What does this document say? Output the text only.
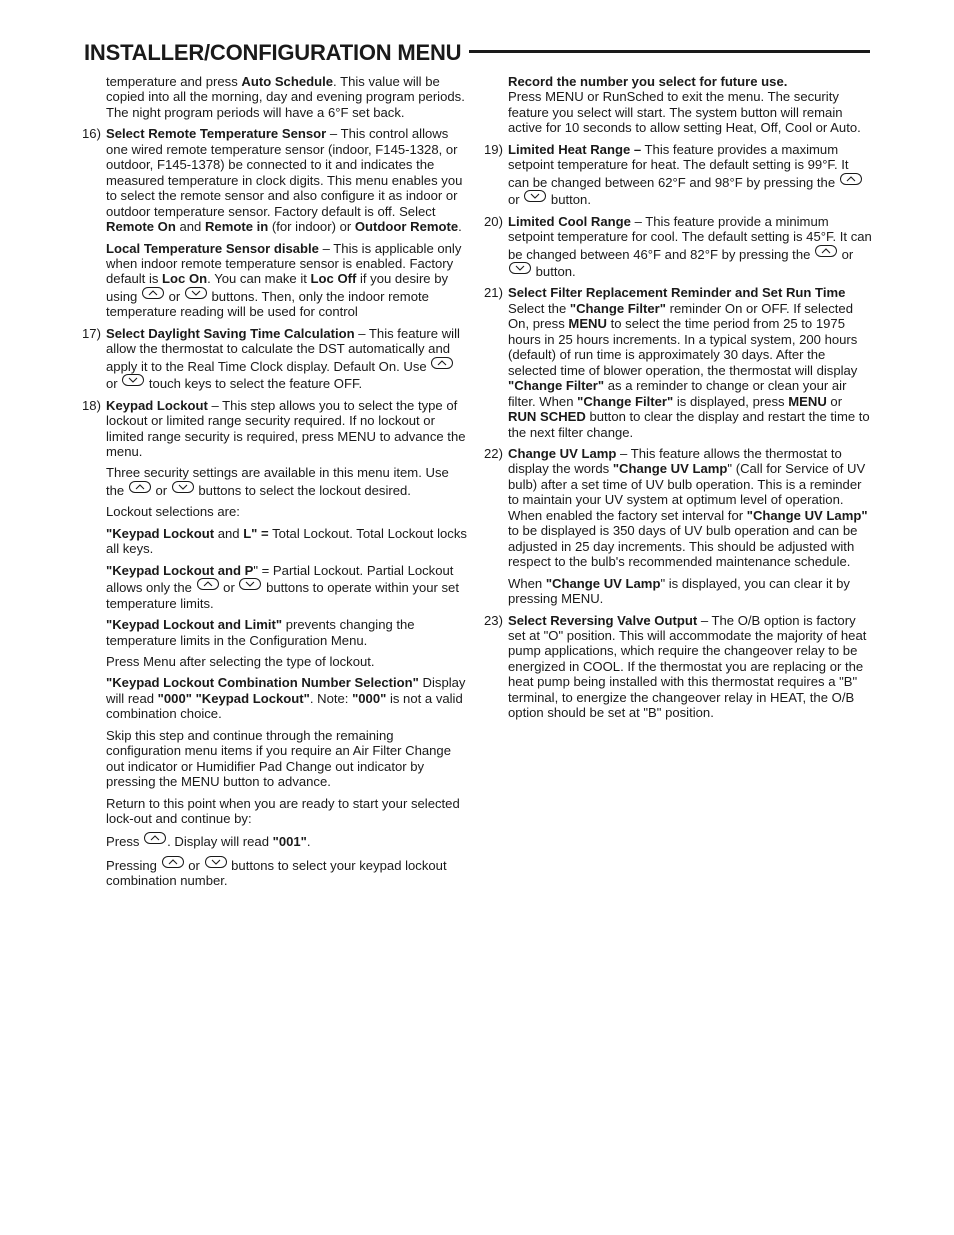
INSTALLER/CONFIGURATION MENU
temperature and press Auto Schedule. This value will be copied into all the morning, day and evening program periods. The night program periods will have a 6°F set back.
16) Select Remote Temperature Sensor – This control allows one wired remote temperature sensor (indoor, F145-1328, or outdoor, F145-1378) be connected to it and indicates the measured temperature in clock digits. This menu enables you to select the remote sensor and also configure it as indoor or outdoor temperature sensor. Factory default is off. Select Remote On and Remote in (for indoor) or Outdoor Remote.
Local Temperature Sensor disable – This is applicable only when indoor remote temperature sensor is enabled. Factory default is Loc On. You can make it Loc Off if you desire by using
or
buttons. Then, only the indoor remote temperature reading will be used for control
17) Select Daylight Saving Time Calculation – This feature will allow the thermostat to calculate the DST automatically and apply it to the Real Time Clock display. Default On. Use
or
touch keys to select the feature OFF.
18) Keypad Lockout – This step allows you to select the type of lockout or limited range security required. If no lockout or limited range security is required, press MENU to advance the menu.
Three security settings are available in this menu item. Use the
or
buttons to select the lockout desired.
Lockout selections are:
"Keypad Lockout and L" = Total Lockout. Total Lockout locks all keys.
"Keypad Lockout and P" = Partial Lockout. Partial Lockout allows only the
or
buttons to operate within your set temperature limits.
"Keypad Lockout and Limit" prevents changing the temperature limits in the Configuration Menu.
Press Menu after selecting the type of lockout.
"Keypad Lockout Combination Number Selection" Display will read "000" "Keypad Lockout". Note: "000" is not a valid combination choice.
Skip this step and continue through the remaining configuration menu items if you require an Air Filter Change out indicator or Humidifier Pad Change out indicator by pressing the MENU button to advance.
Return to this point when you are ready to start your selected lock-out and continue by:
Press
. Display will read "001".
Pressing
or
buttons to select your keypad lockout combination number.
Record the number you select for future use.
Press MENU or RunSched to exit the menu. The security feature you select will start. The system button will remain active for 10 seconds to allow setting Heat, Off, Cool or Auto.
19) Limited Heat Range – This feature provides a maximum setpoint temperature for heat. The default setting is 99°F. It can be changed between 62°F and 98°F by pressing the
or
button.
20) Limited Cool Range – This feature provide a minimum setpoint temperature for cool. The default setting is 45°F. It can be changed between 46°F and 82°F by pressing the
or
button.
21) Select Filter Replacement Reminder and Set Run Time Select the "Change Filter" reminder On or OFF. If selected On, press MENU to select the time period from 25 to 1975 hours in 25 hours increments. In a typical system, 200 hours (default) of run time is approximately 30 days. After the selected time of blower operation, the thermostat will display "Change Filter" as a reminder to change or clean your air filter. When "Change Filter" is displayed, press MENU or RUN SCHED button to clear the display and restart the time to the next filter change.
22) Change UV Lamp – This feature allows the thermostat to display the words "Change UV Lamp" (Call for Service of UV bulb) after a set time of UV bulb operation. This is a reminder to maintain your UV system at optimum level of operation. When enabled the factory set interval for "Change UV Lamp" to be displayed is 350 days of UV bulb operation and can be adjusted in 25 day increments. This should be adjusted with respect to the bulb's recommended maintenance schedule.
When "Change UV Lamp" is displayed, you can clear it by pressing MENU.
23) Select Reversing Valve Output – The O/B option is factory set at "O" position. This will accommodate the majority of heat pump applications, which require the changeover relay to be energized in COOL. If the thermostat you are replacing or the heat pump being installed with this thermostat requires a "B" terminal, to energize the changeover relay in HEAT, the O/B option should be set at "B" position.
